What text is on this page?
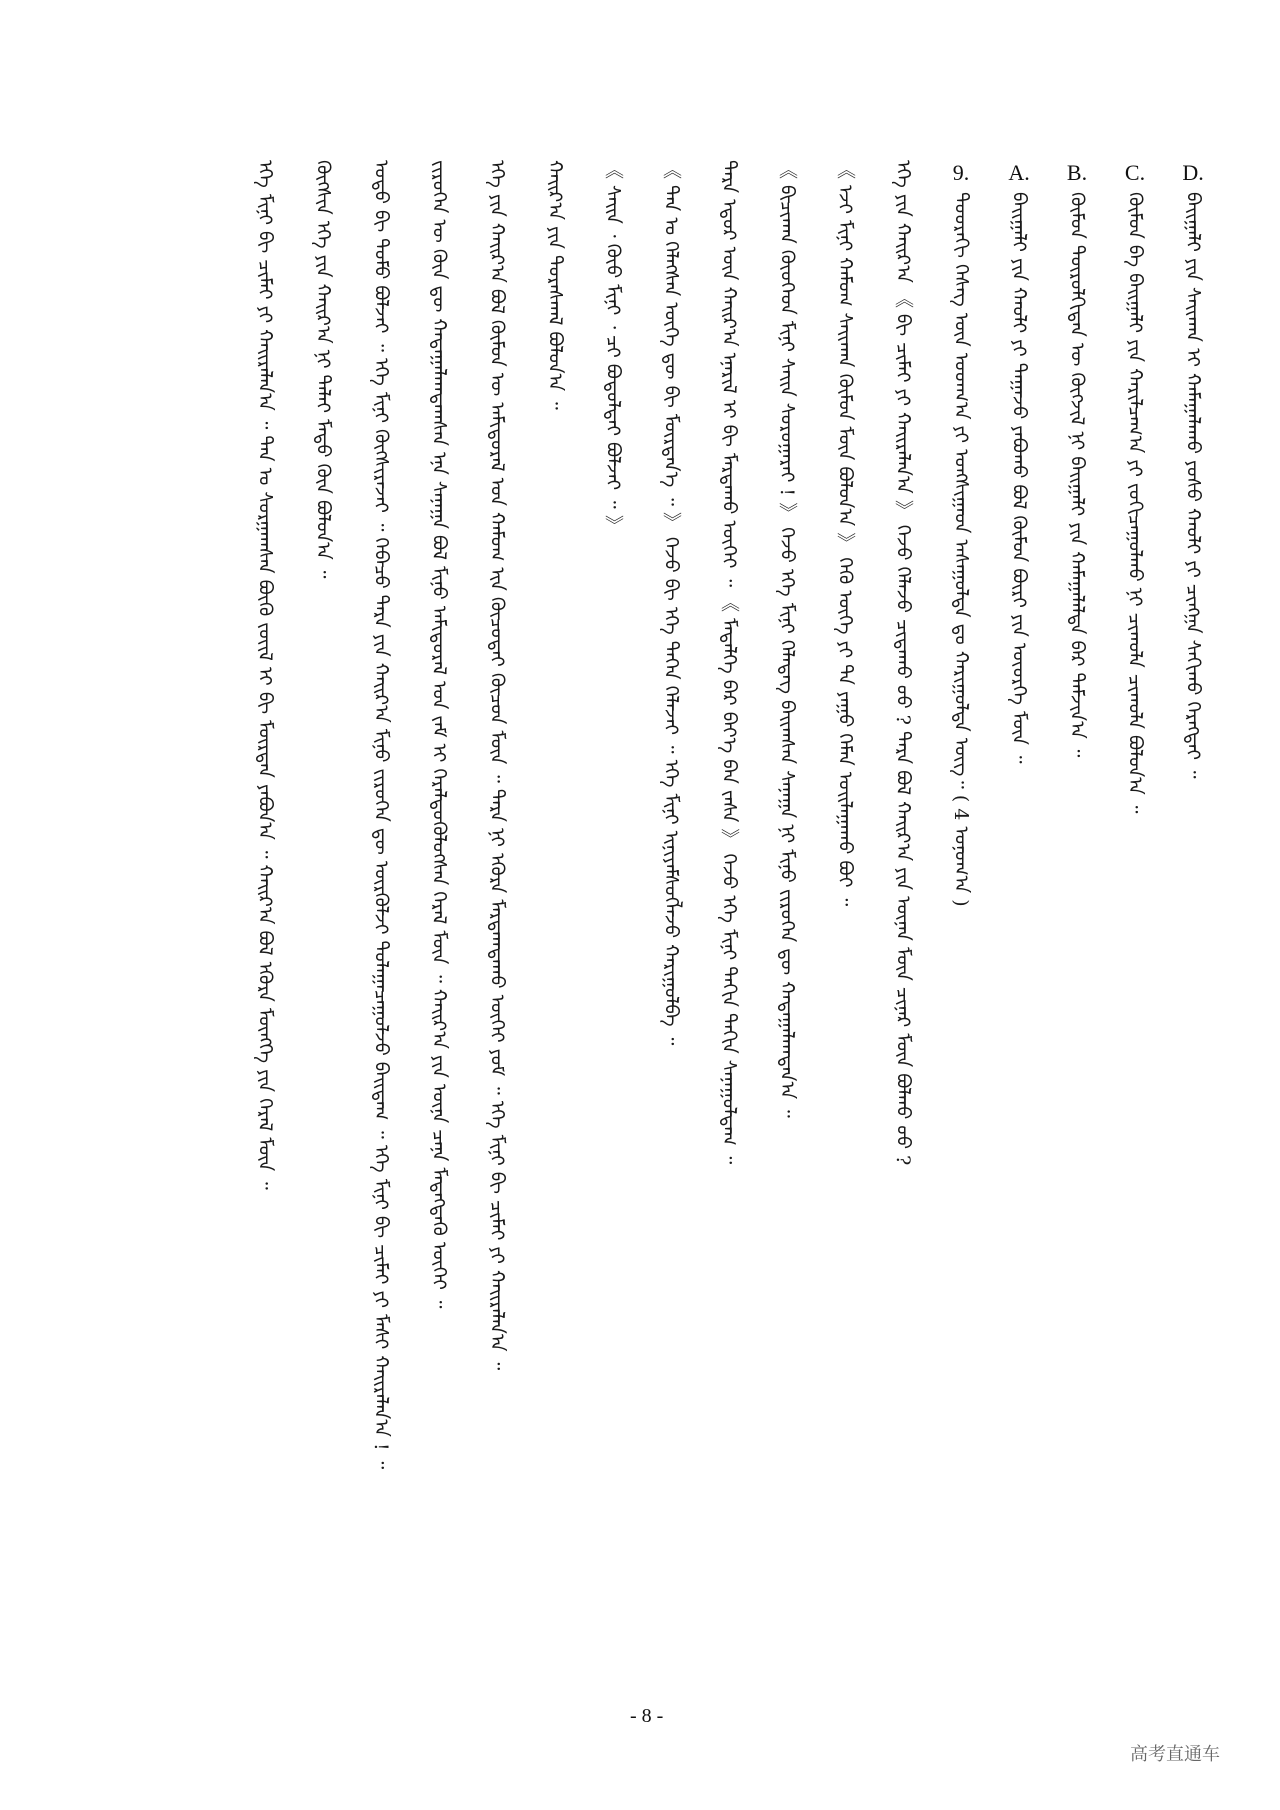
D.ᠪᠠᠢᠭᠠᠯᠢ ᠶᠢᠨ ᠰᠠᠢᠬᠠᠨ ᠢ ᠬᠠᠮᠠᠭᠠᠯᠠᠬᠤ ᠶᠤᠰᠤ ᠬᠠᠤᠯᠢ ᠶᠢ ᠴᠢᠩᠭᠠ ᠰᠠᠬᠢᠬᠤ ᠬᠡᠷᠡᠭᠲᠡᠢ ᠃
C.ᠬᠦᠮᠦᠨ ᠪᠠ ᠪᠠᠢᠭᠠᠯᠢ ᠶᠢᠨ ᠬᠠᠷᠢᠯᠴᠠᠭ᠎ᠠ ᠶᠢ ᠵᠣᠬᠢᠴᠠᠭᠤᠯᠬᠤ ᠨᠢ ᠴᠢᠬᠤᠯᠠ ᠴᠢᠬᠤᠯᠠ ᠪᠣᠯᠤᠨ᠎ᠠ ᠃
B.ᠬᠦᠮᠦᠨ ᠲᠥᠷᠦᠯᠬᠢᠲᠡᠨ ᠦ ᠬᠥᠭᠵᠢᠯ ᠨᠢ ᠪᠠᠢᠭᠠᠯᠢ ᠶᠢᠨ ᠬᠠᠮᠠᠭᠠᠯᠠᠯᠲᠠ ᠪᠠᠷ ᠳᠠᠮᠵᠢᠨ᠎ᠠ ᠃
A.ᠪᠠᠢᠭᠠᠯᠢ ᠶᠢᠨ ᠬᠠᠤᠯᠢ ᠶᠢ ᠳᠠᠭᠠᠵᠤ ᠶᠠᠪᠤᠬᠤ ᠪᠣᠯ ᠬᠦᠮᠦᠨ ᠪᠦᠷᠢ ᠶᠢᠨ ᠦᠦᠷᠭᠡ ᠮᠥᠨ ᠃
9.ᠳᠣᠣᠷᠠᠬᠢ ᠬᠡᠰᠡᠭ ᠦᠨ ᠤᠳᠬ᠎ᠠ ᠶᠢ ᠤᠩᠰᠢᠭᠠᠳ ᠠᠰᠠᠭᠤᠯᠲᠠ ᠳᠤ ᠬᠠᠷᠢᠭᠤᠯᠲᠠ ᠥᠭ᠃ ( 4 ᠣᠨᠤᠭ᠎ᠠ )
ᠡᠬᠡ ᠶᠢᠨ ᠬᠠᠢᠷ᠎ᠠ 《 ᠪᠢ ᠴᠢᠮᠠᠢ ᠶᠢ ᠬᠠᠢᠷᠠᠯᠠᠨ᠎ᠠ 》 ᠭᠡᠵᠦ ᠬᠡᠯᠡᠵᠦ ᠴᠢᠳᠠᠬᠤ ᠤᠤ ? ᠲᠡᠷᠡ ᠪᠣᠯ ᠬᠠᠢᠷ᠎ᠠ ᠶᠢᠨ ᠦᠨᠡᠨ ᠮᠥᠨ ᠴᠢᠨᠠᠷ ᠮᠥᠨ ᠪᠣᠯᠬᠤ ᠤᠤ ?
《 ᠡᠵᠢ ᠮᠢᠨᠢ ᠬᠠᠮᠤᠭ ᠰᠠᠢᠬᠠᠨ ᠬᠦᠮᠦᠨ ᠮᠥᠨ ᠪᠣᠯᠤᠨ᠎ᠠ 》 ᠭᠡᠬᠦ ᠦᠭᠡ ᠶᠢ ᠲᠠ ᠶᠠᠭᠤ ᠬᠡᠮᠡᠨ ᠣᠢᠯᠠᠭᠠᠬᠤ ᠪᠤᠢ ᠃
《 ᠪᠢᠴᠢᠬᠠᠨ ᠬᠦᠦᠬᠡᠳ ᠮᠢᠨᠢ ᠰᠠᠢᠨ ᠰᠤᠷᠤᠭᠠᠷᠠᠢ ! 》 ᠭᠡᠵᠦ ᠡᠬᠡ ᠮᠢᠨᠢ ᠬᠡᠯᠡᠳᠡᠭ ᠪᠠᠢᠭᠰᠠᠨ ᠰᠠᠨᠠᠭᠠ ᠨᠢ ᠮᠢᠨᠦ ᠵᠢᠷᠦᠬᠡᠨ ᠳᠦ ᠬᠠᠳᠠᠭᠠᠯᠠᠭᠳᠠᠨ᠎ᠠ ᠃
ᠲᠡᠷᠡ ᠡᠳᠦᠷ ᠦᠨ ᠬᠠᠢᠷ᠎ᠠ ᠡᠨᠡᠷᠢᠯ ᠢ ᠪᠢ ᠮᠠᠷᠲᠠᠬᠤ ᠦᠭᠡᠢ ᠃ 《 ᠮᠡᠳᠡᠯᠭᠡ ᠪᠠᠷ ᠪᠡᠶ᠎ᠡ ᠪᠡᠨ ᠵᠠᠰᠠ 》 ᠭᠡᠵᠦ ᠡᠬᠡ ᠮᠢᠨᠢ ᠳᠠᠬᠢᠨ ᠳᠠᠬᠢᠨ ᠰᠠᠨᠠᠭᠤᠯᠳᠠᠭ ᠃
《 ᠲᠠᠨ ᠤ ᠬᠡᠯᠡᠭᠰᠡᠨ ᠦᠭᠡ ᠳᠦ ᠪᠢ ᠮᠥᠷᠳᠡᠨ᠎ᠡ ᠃ 》 ᠭᠡᠵᠦ ᠪᠢ ᠡᠬᠡ ᠳᠡᠭᠡᠨ ᠬᠡᠯᠡᠵᠡᠢ ᠃ ᠡᠬᠡ ᠮᠢᠨᠢ ᠢᠨᠢᠶᠡᠮᠰᠦᠭᠯᠡᠵᠦ ᠬᠠᠷᠢᠭᠤᠯᠪᠠ ᠃
《 ᠰᠠᠢᠨ ᠂ ᠬᠦᠦ ᠮᠢᠨᠢ ᠂ ᠴᠢ ᠪᠣᠳᠣᠯᠲᠠᠢ ᠪᠣᠯᠵᠠᠢ ᠃ 》
ᠬᠠᠢᠷ᠎ᠠ ᠶᠢᠨ ᠳᠤᠷᠠᠰᠬᠠᠯ ᠪᠣᠯᠤᠨ᠎ᠠ ᠃
ᠡᠬᠡ ᠶᠢᠨ ᠬᠠᠢᠷ᠎ᠠ ᠪᠣᠯ ᠬᠦᠮᠦᠨ ᠦ ᠠᠮᠢᠳᠤᠷᠠᠯ ᠤᠨ ᠬᠠᠮᠤᠭ ᠢᠨ ᠬᠦᠴᠦᠲᠡᠢ ᠬᠦᠴᠦᠨ ᠮᠥᠨ ᠃ ᠲᠡᠷᠡ ᠨᠢ ᠡᠭᠦᠷᠡ ᠮᠠᠷᠲᠠᠭᠳᠠᠬᠤ ᠦᠭᠡᠢ ᠶᠤᠮ ᠃ ᠡᠬᠡ ᠮᠢᠨᠢ ᠪᠢ ᠴᠢᠮᠠᠢ ᠶᠢ ᠬᠠᠢᠷᠠᠯᠠᠨ᠎ᠠ ᠃
ᠵᠢᠷᠦᠬᠡᠨ ᠦ ᠭᠦᠨ ᠳᠦ ᠬᠠᠳᠠᠭᠠᠯᠠᠭᠳᠠᠭᠰᠠᠨ ᠡᠨᠡ ᠰᠠᠨᠠᠭᠠ ᠪᠣᠯ ᠮᠢᠨᠦ ᠠᠮᠢᠳᠤᠷᠠᠯ ᠤᠨ ᠵᠠᠮ ᠢ ᠭᠡᠷᠡᠯᠲᠦᠭᠦᠯᠦᠭᠰᠡᠨ ᠭᠡᠷᠡᠯ ᠮᠥᠨ ᠃ ᠬᠠᠢᠷ᠎ᠠ ᠶᠢᠨ ᠦᠨᠡ ᠴᠡᠨᠡ ᠮᠡᠳᠡᠭᠳᠡᠬᠦ ᠦᠭᠡᠢ ᠃
ᠣᠳᠣ ᠪᠢ ᠲᠣᠮᠣ ᠪᠣᠯᠵᠠᠢ ᠃ ᠡᠬᠡ ᠮᠢᠨᠢ ᠬᠥᠭᠰᠢᠷᠡᠵᠡᠢ ᠃ ᠭᠡᠪᠡᠴᠦ ᠲᠡᠷᠡ ᠶᠢᠨ ᠬᠠᠢᠷ᠎ᠠ ᠮᠢᠨᠦ ᠵᠢᠷᠦᠬᠡᠨ ᠳᠦ ᠦᠷᠭᠦᠯᠵᠢ ᠳᠤᠯᠠᠭᠠᠴᠠᠭᠤᠯᠵᠤ ᠪᠠᠢᠳᠠᠭ ᠃ ᠡᠬᠡ ᠮᠢᠨᠢ ᠪᠢ ᠴᠢᠮᠠᠢ ᠶᠢ ᠮᠠᠰᠢ ᠬᠠᠢᠷᠠᠯᠠᠨ᠎ᠠ ! ᠃
ᠬᠥᠭᠰᠢᠨ ᠡᠬᠡ ᠶᠢᠨ ᠬᠠᠢᠷ᠎ᠠ ᠨᠢ ᠳᠠᠯᠠᠢ ᠮᠡᠲᠦ ᠭᠦᠨ ᠪᠣᠯᠤᠨ᠎ᠠ ᠃
ᠡᠬᠡ ᠮᠢᠨᠢ ᠪᠢ ᠴᠢᠮᠠᠢ ᠶᠢ ᠬᠠᠢᠷᠠᠯᠠᠨ᠎ᠠ ᠃ ᠲᠠᠨ ᠤ ᠰᠤᠷᠭᠠᠭᠰᠠᠨ ᠪᠦᠬᠦ ᠵᠦᠢᠯ ᠢ ᠪᠢ ᠮᠦᠷᠳᠡᠨ ᠶᠠᠪᠤᠨ᠎ᠠ ᠃ ᠬᠠᠢᠷ᠎ᠠ ᠪᠣᠯ ᠡᠭᠦᠷᠡ ᠮᠥᠩᠬᠡ ᠶᠢᠨ ᠭᠡᠷᠡᠯ ᠮᠥᠨ ᠃
- 8 -
高考直通车
